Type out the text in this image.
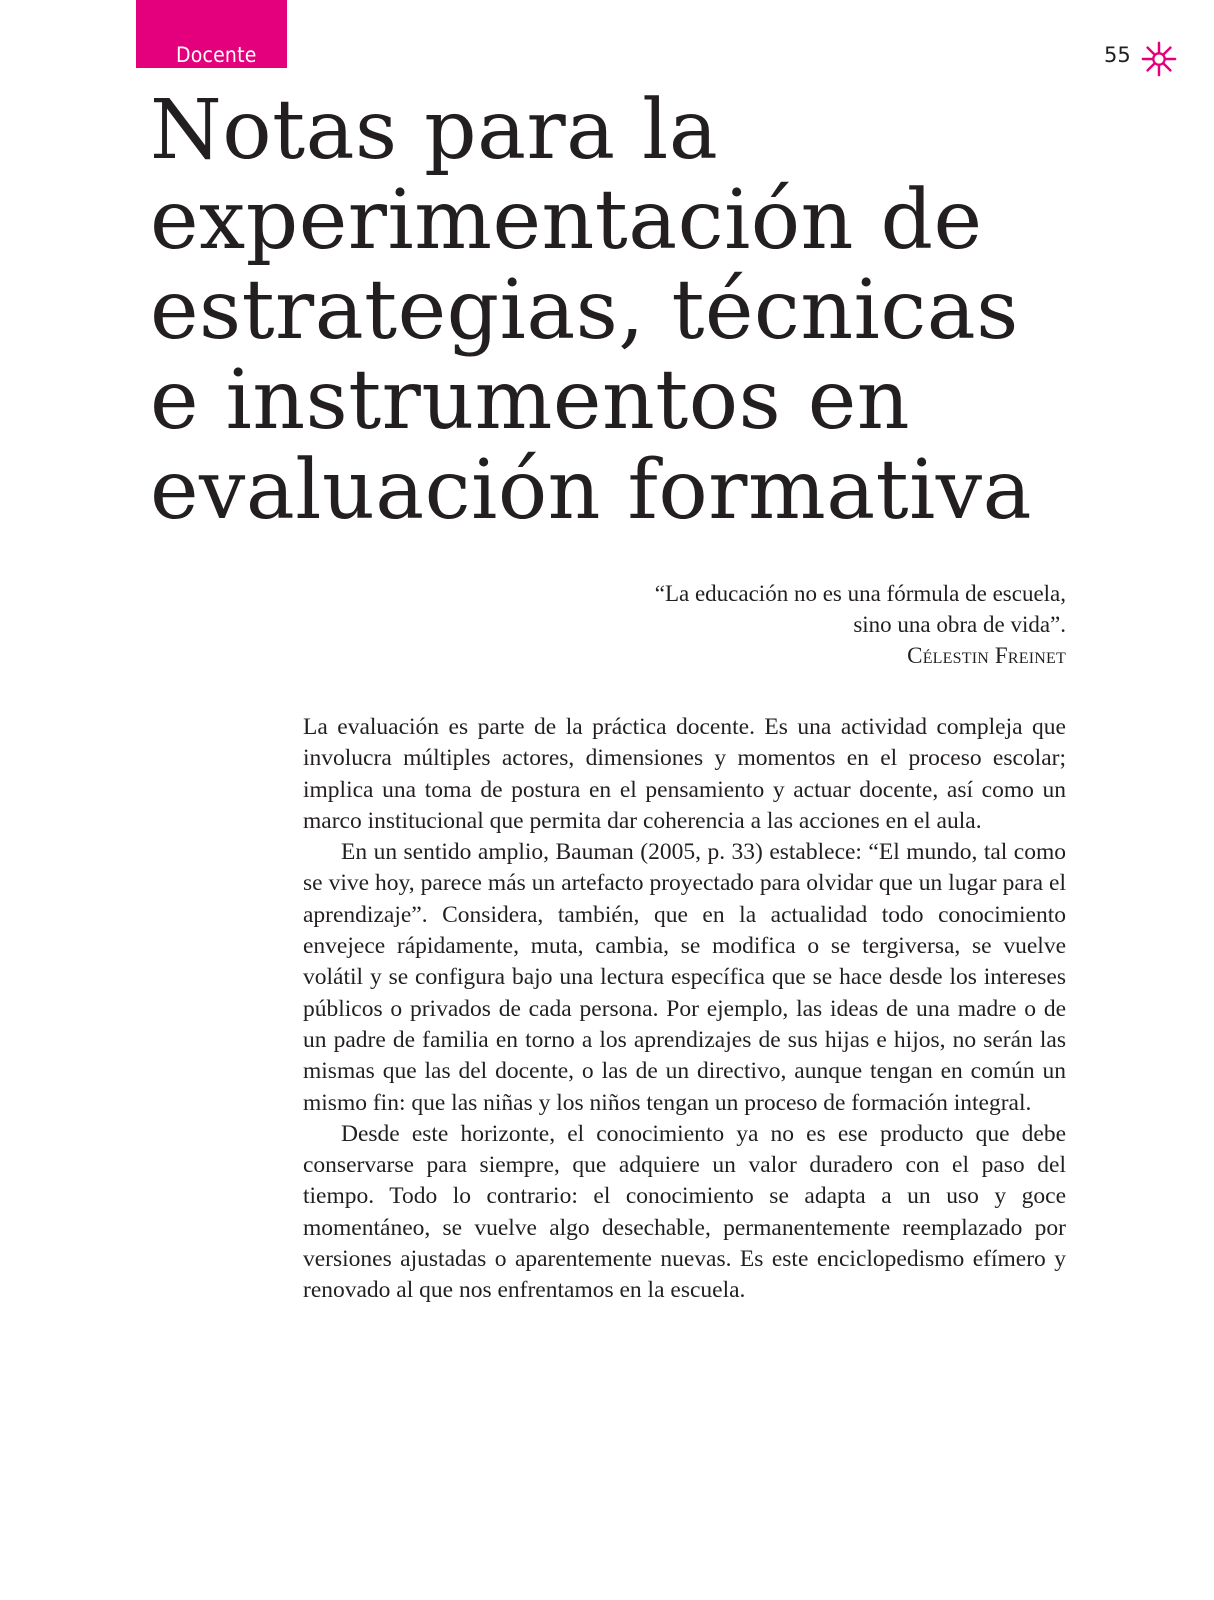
Docente	55
Notas para la
experimentación de
estrategias, técnicas
e instrumentos en
evaluación formativa
“La educación no es una fórmula de escuela,
sino una obra de vida”.
Célestin Freinet

La evaluación es parte de la práctica docente. Es una actividad compleja que involucra múltiples actores, dimensiones y momentos en el proceso escolar; implica una toma de postura en el pensamiento y actuar docente, así como un marco institucional que permita dar coherencia a las acciones en el aula.

En un sentido amplio, Bauman (2005, p. 33) establece: “El mundo, tal como se vive hoy, parece más un artefacto proyectado para olvidar que un lugar para el aprendizaje”. Considera, también, que en la actualidad todo conocimiento envejece rápidamente, muta, cambia, se modifica o se tergiversa, se vuelve volátil y se configura bajo una lectura específica que se hace desde los intereses públicos o privados de cada persona. Por ejemplo, las ideas de una madre o de un padre de familia en torno a los aprendizajes de sus hijas e hijos, no serán las mismas que las del docente, o las de un directivo, aunque tengan en común un mismo fin: que las niñas y los niños tengan un proceso de formación integral.

Desde este horizonte, el conocimiento ya no es ese producto que debe conservarse para siempre, que adquiere un valor duradero con el paso del tiempo. Todo lo contrario: el conocimiento se adapta a un uso y goce momentáneo, se vuelve algo desechable, permanentemente reemplazado por versiones ajustadas o aparentemente nuevas. Es este enciclopedismo efímero y renovado al que nos enfrentamos en la escuela.
